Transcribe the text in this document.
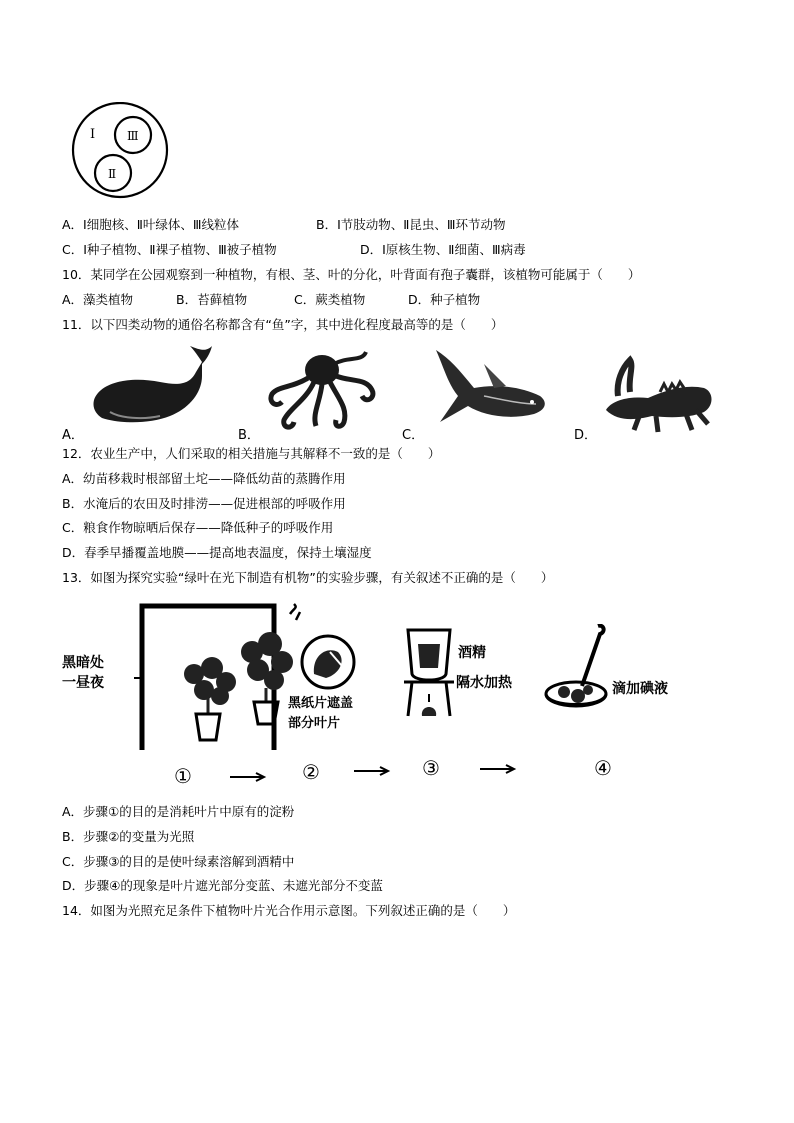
Ⅰ	Ⅲ
Ⅱ
A．Ⅰ细胞核、Ⅱ叶绿体、Ⅲ线粒体	B．Ⅰ节肢动物、Ⅱ昆虫、Ⅲ环节动物
C．Ⅰ种子植物、Ⅱ裸子植物、Ⅲ被子植物	D．Ⅰ原核生物、Ⅱ细菌、Ⅲ病毒
10．某同学在公园观察到一种植物，有根、茎、叶的分化，叶背面有孢子囊群，该植物可能属于（　　）
A．藻类植物	B．苔藓植物	C．蕨类植物	D．种子植物
11．以下四类动物的通俗名称都含有“鱼”字，其中进化程度最高等的是（　　）
A．	B．	C．	D．
12．农业生产中，人们采取的相关措施与其解释不一致的是（　　）
A．幼苗移栽时根部留土坨——降低幼苗的蒸腾作用
B．水淹后的农田及时排涝——促进根部的呼吸作用
C．粮食作物晾晒后保存——降低种子的呼吸作用
D．春季早播覆盖地膜——提高地表温度，保持土壤湿度
13．如图为探究实验“绿叶在光下制造有机物”的实验步骤，有关叙述不正确的是（　　）
黑暗处
一昼夜
黑纸片遮盖
部分叶片
酒精
隔水加热	滴加碘液
①	②	③	④
A．步骤①的目的是消耗叶片中原有的淀粉
B．步骤②的变量为光照
C．步骤③的目的是使叶绿素溶解到酒精中
D．步骤④的现象是叶片遮光部分变蓝、未遮光部分不变蓝
14．如图为光照充足条件下植物叶片光合作用示意图。下列叙述正确的是（　　）
